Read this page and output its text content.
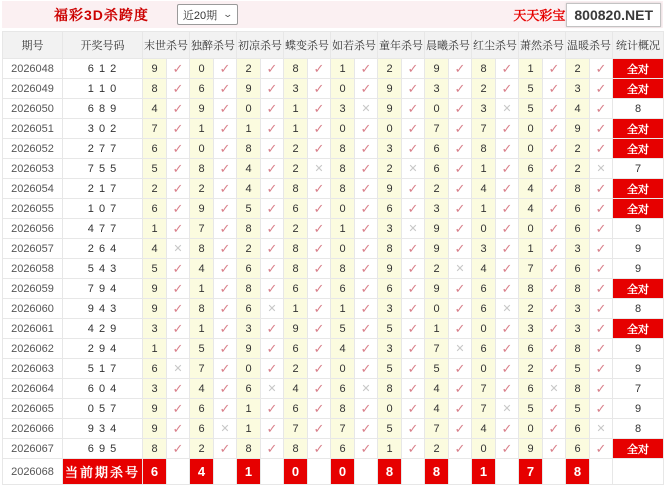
福彩3D杀跨度	近20期 ⌄	天天彩宝 800820.NET
期号	开奖号码	末世杀号		独醉杀号		初凉杀号		蝶变杀号		如若杀号		童年杀号		晨曦杀号		红尘杀号		萧然杀号		温暖杀号		统计概况
2026048	6 1 2	9	✓	0	✓	2	✓	8	✓	1	✓	2	✓	9	✓	8	✓	1	✓	2	✓	全对
2026049	1 1 0	8	✓	6	✓	9	✓	3	✓	0	✓	9	✓	3	✓	2	✓	5	✓	3	✓	全对
2026050	6 8 9	4	✓	9	✓	0	✓	1	✓	3	✕	9	✓	0	✓	3	✕	5	✓	4	✓	8
2026051	3 0 2	7	✓	1	✓	1	✓	1	✓	0	✓	0	✓	7	✓	7	✓	0	✓	9	✓	全对
2026052	2 7 7	6	✓	0	✓	8	✓	2	✓	8	✓	3	✓	6	✓	8	✓	0	✓	2	✓	全对
2026053	7 5 5	5	✓	8	✓	4	✓	2	✕	8	✓	2	✕	6	✓	1	✓	6	✓	2	✕	7
2026054	2 1 7	2	✓	2	✓	4	✓	8	✓	8	✓	9	✓	2	✓	4	✓	4	✓	8	✓	全对
2026055	1 0 7	6	✓	9	✓	5	✓	6	✓	0	✓	6	✓	3	✓	1	✓	4	✓	6	✓	全对
2026056	4 7 7	1	✓	7	✓	8	✓	2	✓	1	✓	3	✕	9	✓	0	✓	0	✓	6	✓	9
2026057	2 6 4	4	✕	8	✓	2	✓	8	✓	0	✓	8	✓	9	✓	3	✓	1	✓	3	✓	9
2026058	5 4 3	5	✓	4	✓	6	✓	8	✓	8	✓	9	✓	2	✕	4	✓	7	✓	6	✓	9
2026059	7 9 4	9	✓	1	✓	8	✓	6	✓	6	✓	6	✓	9	✓	6	✓	8	✓	8	✓	全对
2026060	9 4 3	9	✓	8	✓	6	✕	1	✓	1	✓	3	✓	0	✓	6	✕	2	✓	3	✓	8
2026061	4 2 9	3	✓	1	✓	3	✓	9	✓	5	✓	5	✓	1	✓	0	✓	3	✓	3	✓	全对
2026062	2 9 4	1	✓	5	✓	9	✓	6	✓	4	✓	3	✓	7	✕	6	✓	6	✓	8	✓	9
2026063	5 1 7	6	✕	7	✓	0	✓	2	✓	0	✓	5	✓	5	✓	0	✓	2	✓	5	✓	9
2026064	6 0 4	3	✓	4	✓	6	✕	4	✓	6	✕	8	✓	4	✓	7	✓	6	✕	8	✓	7
2026065	0 5 7	9	✓	6	✓	1	✓	6	✓	8	✓	0	✓	4	✓	7	✕	5	✓	5	✓	9
2026066	9 3 4	9	✓	6	✕	1	✓	7	✓	7	✓	5	✓	7	✓	4	✓	0	✓	6	✕	8
2026067	6 9 5	8	✓	2	✓	8	✓	8	✓	6	✓	1	✓	2	✓	0	✓	9	✓	6	✓	全对
2026068	当前期杀号	6		4		1		0		0		8		8		1		7		8		
